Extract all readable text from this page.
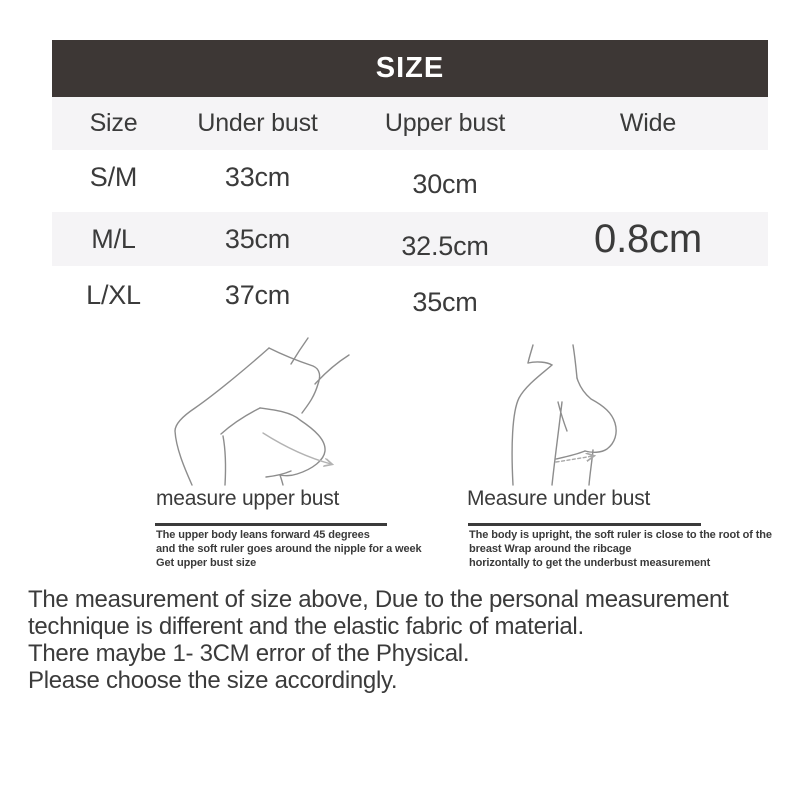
SIZE
Size	Under bust	Upper bust	Wide
S/M	33cm	30cm
M/L	35cm	32.5cm	0.8cm
L/XL	37cm	35cm
measure upper bust
The upper body leans forward 45 degrees
and the soft ruler goes around the nipple for a week
Get upper bust size
Measure under bust
The body is upright, the soft ruler is close to the root of the
breast Wrap around the ribcage
horizontally to get the underbust measurement
The measurement of size above, Due to the personal measurement
technique is different and the elastic fabric of material.
There maybe 1- 3CM error of the Physical.
Please choose the size accordingly.
